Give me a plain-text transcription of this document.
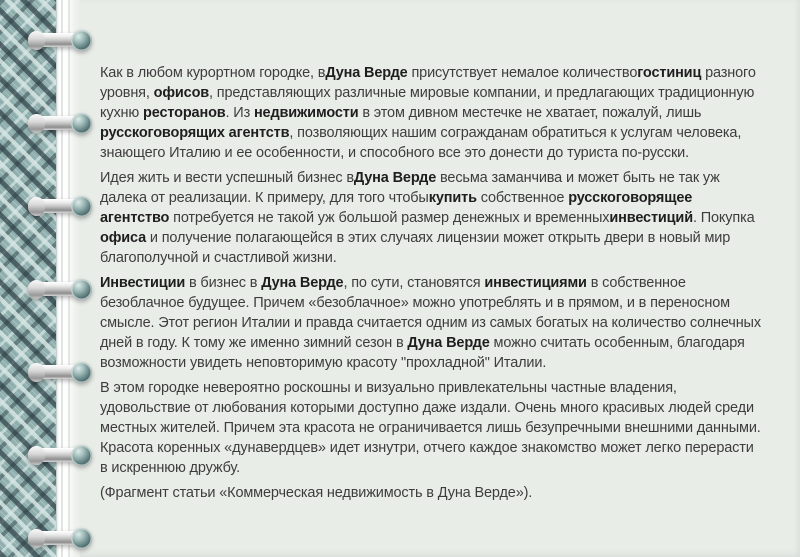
Как в любом курортном городке, вДуна Верде присутствует немалое количествогостиниц разного уровня, офисов, представляющих различные мировые компании, и предлагающих традиционную кухню ресторанов. Из недвижимости в этом дивном местечке не хватает, пожалуй, лишь русскоговорящих агентств, позволяющих нашим согражданам обратиться к услугам человека, знающего Италию и ее особенности, и способного все это донести до туриста по-русски.

Идея жить и вести успешный бизнес вДуна Верде весьма заманчива и может быть не так уж далека от реализации. К примеру, для того чтобыкупить собственное русскоговорящее агентство потребуется не такой уж большой размер денежных и временныхинвестиций. Покупка офиса и получение полагающейся в этих случаях лицензии может открыть двери в новый мир благополучной и счастливой жизни.

Инвестиции в бизнес в Дуна Верде, по сути, становятся инвестициями в собственное безоблачное будущее. Причем «безоблачное» можно употреблять и в прямом, и в переносном смысле. Этот регион Италии и правда считается одним из самых богатых на количество солнечных дней в году. К тому же именно зимний сезон в Дуна Верде можно считать особенным, благодаря возможности увидеть неповторимую красоту "прохладной" Италии.

В этом городке невероятно роскошны и визуально привлекательны частные владения, удовольствие от любования которыми доступно даже издали. Очень много красивых людей среди местных жителей. Причем эта красота не ограничивается лишь безупречными внешними данными. Красота коренных «дунавердцев» идет изнутри, отчего каждое знакомство может легко перерасти в искреннюю дружбу.

(Фрагмент статьи «Коммерческая недвижимость в Дуна Верде»).
